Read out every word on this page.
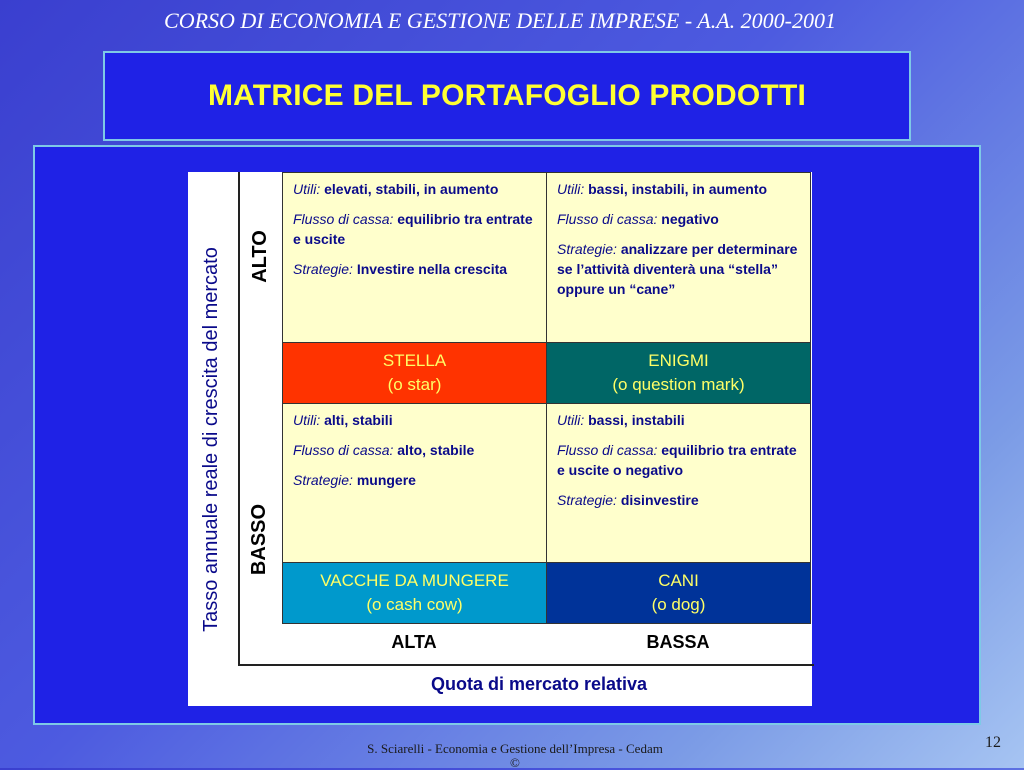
CORSO DI ECONOMIA E GESTIONE DELLE IMPRESE - A.A. 2000-2001
MATRICE DEL PORTAFOGLIO PRODOTTI
Tasso annuale reale di crescita del mercato ALTO
BASSO

Utili: elevati, stabili, in aumento

Flusso di cassa: equilibrio tra entrate e uscite

Strategie: Investire nella crescita

Utili: bassi, instabili, in aumento

Flusso di cassa: negativo

Strategie: analizzare per determinare se l’attività diventerà una “stella” oppure un “cane”

STELLA
(o star)
ENIGMI
(o question mark)

Utili: alti, stabili

Flusso di cassa: alto, stabile

Strategie: mungere

Utili: bassi, instabili

Flusso di cassa: equilibrio tra entrate e uscite o negativo

Strategie: disinvestire

VACCHE DA MUNGERE
(o cash cow)
CANI
(o dog)
ALTA	BASSA
Quota di mercato relativa
12
S. Sciarelli - Economia e Gestione dell’Impresa - Cedam
©
